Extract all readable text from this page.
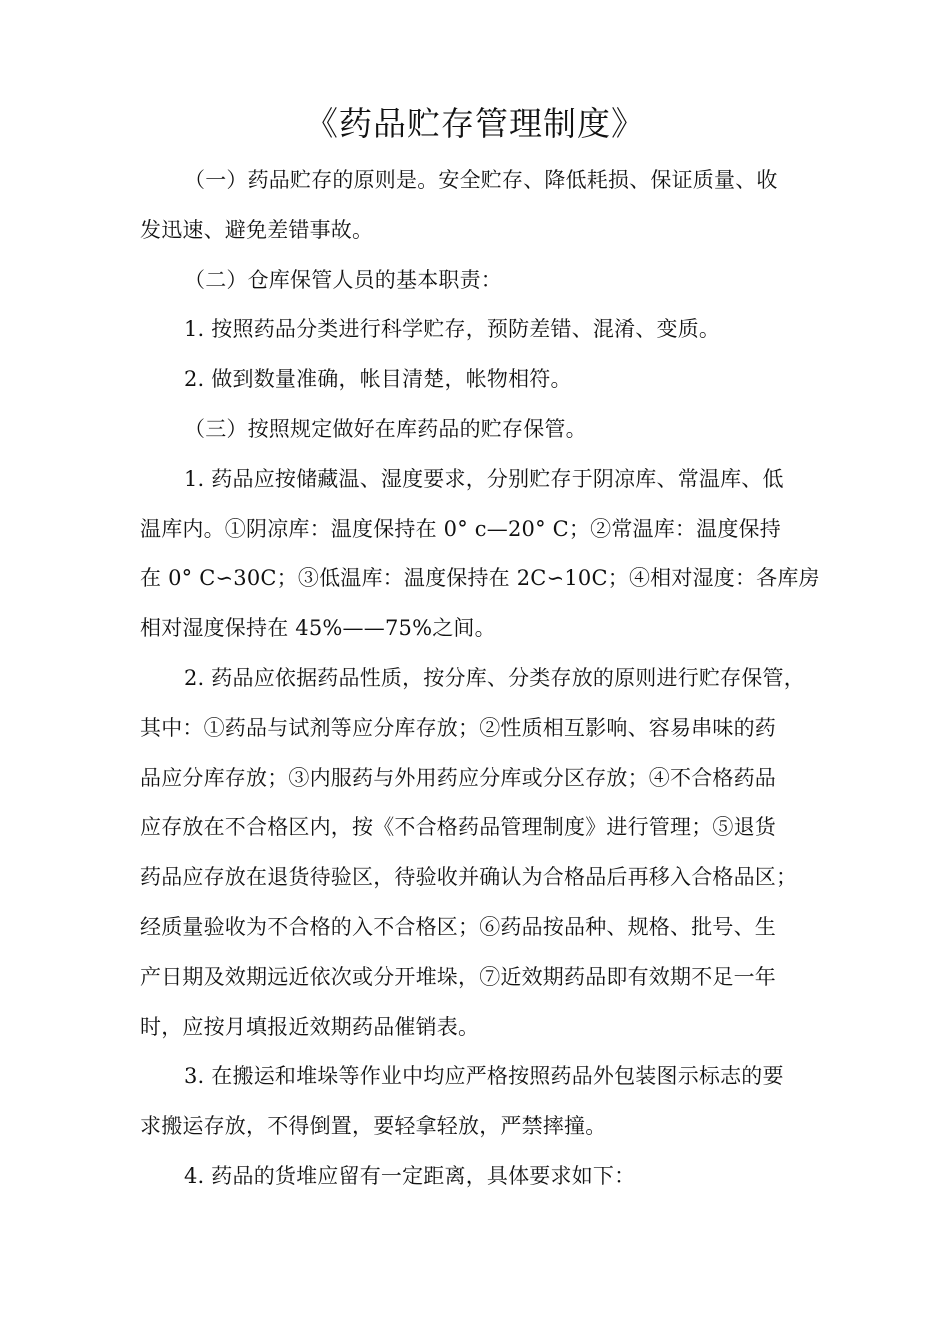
《药品贮存管理制度》
（一）药品贮存的原则是。安全贮存、降低耗损、保证质量、收
发迅速、避免差错事故。
（二）仓库保管人员的基本职责：
1. 按照药品分类进行科学贮存，预防差错、混淆、变质。
2. 做到数量准确，帐目清楚，帐物相符。
（三）按照规定做好在库药品的贮存保管。
1. 药品应按储藏温、湿度要求，分别贮存于阴凉库、常温库、低
温库内。①阴凉库：温度保持在 0° c—20° C；②常温库：温度保持
在 0° C∽30C；③低温库：温度保持在 2C∽10C；④相对湿度：各库房
相对湿度保持在 45%——75%之间。
2. 药品应依据药品性质，按分库、分类存放的原则进行贮存保管，
其中：①药品与试剂等应分库存放；②性质相互影响、容易串味的药
品应分库存放；③内服药与外用药应分库或分区存放；④不合格药品
应存放在不合格区内，按《不合格药品管理制度》进行管理；⑤退货
药品应存放在退货待验区，待验收并确认为合格品后再移入合格品区；
经质量验收为不合格的入不合格区；⑥药品按品种、规格、批号、生
产日期及效期远近依次或分开堆垛，⑦近效期药品即有效期不足一年
时，应按月填报近效期药品催销表。
3. 在搬运和堆垛等作业中均应严格按照药品外包装图示标志的要
求搬运存放，不得倒置，要轻拿轻放，严禁摔撞。
4. 药品的货堆应留有一定距离，具体要求如下：
